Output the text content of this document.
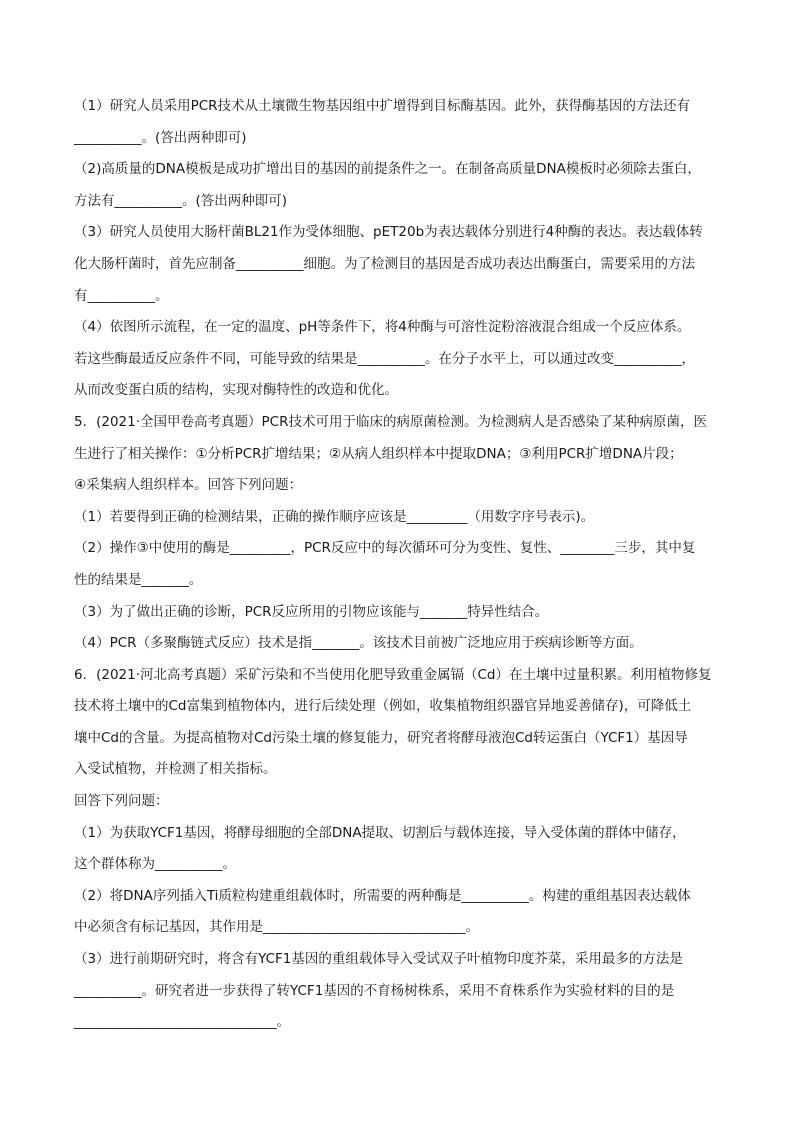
（1）研究人员采用PCR技术从土壤微生物基因组中扩增得到目标酶基因。此外，获得酶基因的方法还有
__________。(答出两种即可)
（2)高质量的DNA模板是成功扩增出目的基因的前提条件之一。在制备高质量DNA模板时必须除去蛋白，
方法有__________。(答出两种即可)
（3）研究人员使用大肠杆菌BL21作为受体细胞、pET20b为表达载体分别进行4种酶的表达。表达载体转
化大肠杆菌时，首先应制备__________细胞。为了检测目的基因是否成功表达出酶蛋白，需要采用的方法
有__________。
（4）依图所示流程，在一定的温度、pH等条件下，将4种酶与可溶性淀粉溶液混合组成一个反应体系。
若这些酶最适反应条件不同，可能导致的结果是__________。在分子水平上，可以通过改变__________，
从而改变蛋白质的结构，实现对酶特性的改造和优化。
5．(2021·全国甲卷高考真题）PCR技术可用于临床的病原菌检测。为检测病人是否感染了某种病原菌，医
生进行了相关操作：①分析PCR扩增结果；②从病人组织样本中提取DNA；③利用PCR扩增DNA片段；
④采集病人组织样本。回答下列问题：
（1）若要得到正确的检测结果，正确的操作顺序应该是_________（用数字序号表示)。
（2）操作③中使用的酶是_________，PCR反应中的每次循环可分为变性、复性、________三步，其中复
性的结果是_______。
（3）为了做出正确的诊断，PCR反应所用的引物应该能与_______特异性结合。
（4）PCR（多聚酶链式反应）技术是指_______。该技术目前被广泛地应用于疾病诊断等方面。
6．(2021·河北高考真题）采矿污染和不当使用化肥导致重金属镉（Cd）在土壤中过量积累。利用植物修复
技术将土壤中的Cd富集到植物体内，进行后续处理（例如，收集植物组织器官异地妥善储存)，可降低土
壤中Cd的含量。为提高植物对Cd污染土壤的修复能力，研究者将酵母液泡Cd转运蛋白（YCF1）基因导
入受试植物，并检测了相关指标。
回答下列问题：
（1）为获取YCF1基因，将酵母细胞的全部DNA提取、切割后与载体连接，导入受体菌的群体中储存，
这个群体称为__________。
（2）将DNA序列插入Ti质粒构建重组载体时，所需要的两种酶是__________。构建的重组基因表达载体
中必须含有标记基因，其作用是______________________________。
（3）进行前期研究时，将含有YCF1基因的重组载体导入受试双子叶植物印度芥菜，采用最多的方法是
__________。研究者进一步获得了转YCF1基因的不育杨树株系，采用不育株系作为实验材料的目的是
______________________________。
